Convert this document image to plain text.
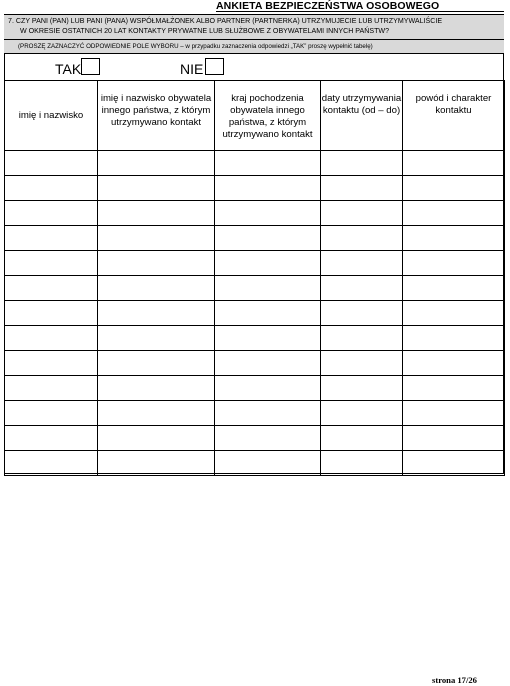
ANKIETA BEZPIECZEŃSTWA OSOBOWEGO
7. CZY PANI (PAN) LUB PANI (PANA) WSPÓŁMAŁŻONEK ALBO PARTNER (PARTNERKA) UTRZYMUJECIE LUB UTRZYMYWALIŚCIE
W OKRESIE OSTATNICH 20 LAT KONTAKTY PRYWATNE LUB SŁUŻBOWE Z OBYWATELAMI INNYCH PAŃSTW?
(PROSZĘ ZAZNACZYĆ ODPOWIEDNIE POLE WYBORU – w przypadku zaznaczenia odpowiedzi „TAK” proszę wypełnić tabelę)
TAK	NIE
imię i nazwisko	imię i nazwisko obywatela innego państwa, z którym utrzymywano kontakt	kraj pochodzenia obywatela innego państwa, z którym utrzymywano kontakt	daty utrzymywania kontaktu (od – do)	powód i charakter kontaktu

strona 17/26
